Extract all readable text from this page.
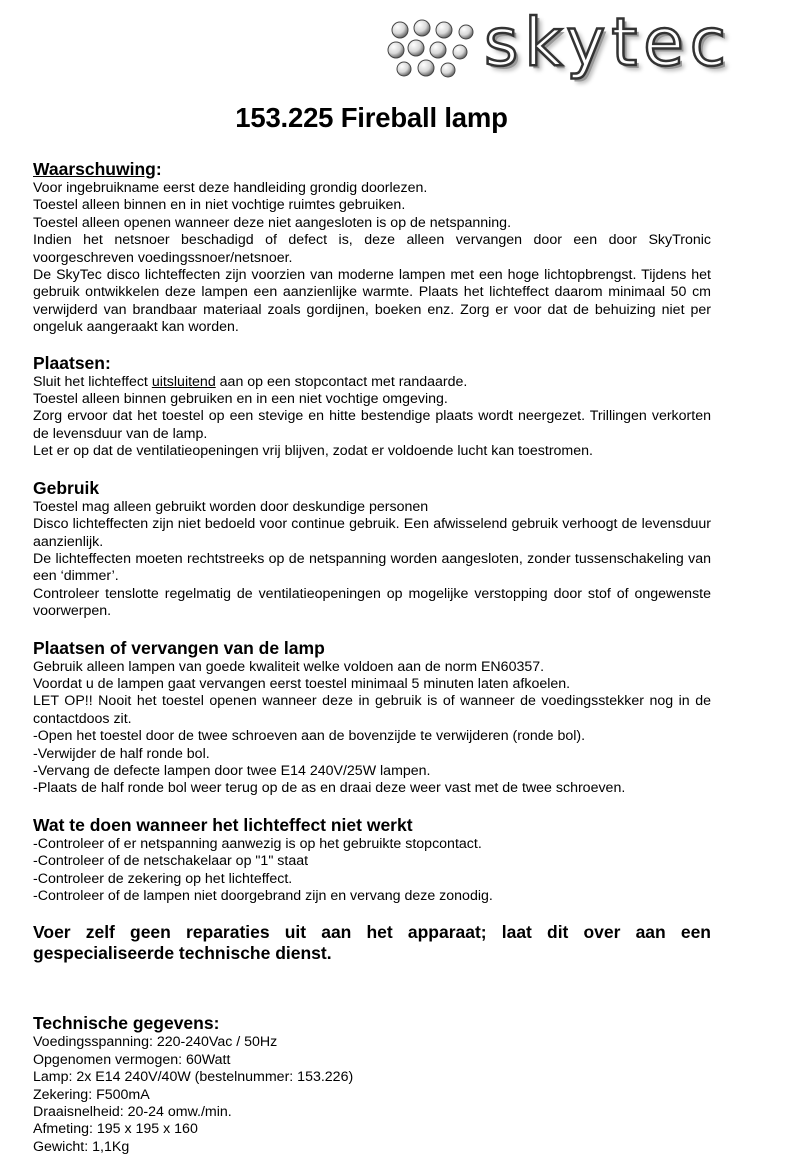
skytec
153.225 Fireball lamp
Waarschuwing:

Voor ingebruikname eerst deze handleiding grondig doorlezen.

Toestel alleen binnen en in niet vochtige ruimtes gebruiken.

Toestel alleen openen wanneer deze niet aangesloten is op de netspanning.

Indien het netsnoer beschadigd of defect is, deze alleen vervangen door een door SkyTronic voorgeschreven voedingssnoer/netsnoer.

De SkyTec disco lichteffecten zijn voorzien van moderne lampen met een hoge lichtopbrengst. Tijdens het gebruik ontwikkelen deze lampen een aanzienlijke warmte. Plaats het lichteffect daarom minimaal 50 cm verwijderd van brandbaar materiaal zoals gordijnen, boeken enz. Zorg er voor dat de behuizing niet per ongeluk aangeraakt kan worden.

Plaatsen:

Sluit het lichteffect uitsluitend aan op een stopcontact met randaarde.

Toestel alleen binnen gebruiken en in een niet vochtige omgeving.

Zorg ervoor dat het toestel op een stevige en hitte bestendige plaats wordt neergezet. Trillingen verkorten de levensduur van de lamp.

Let er op dat de ventilatieopeningen vrij blijven, zodat er voldoende lucht kan toestromen.

Gebruik

Toestel mag alleen gebruikt worden door deskundige personen

Disco lichteffecten zijn niet bedoeld voor continue gebruik. Een afwisselend gebruik verhoogt de levensduur aanzienlijk.

De lichteffecten moeten rechtstreeks op de netspanning worden aangesloten, zonder tussenschakeling van een ‘dimmer’.

Controleer tenslotte regelmatig de ventilatieopeningen op mogelijke verstopping door stof of ongewenste voorwerpen.

Plaatsen of vervangen van de lamp

Gebruik alleen lampen van goede kwaliteit welke voldoen aan de norm EN60357.

Voordat u de lampen gaat vervangen eerst toestel minimaal 5 minuten laten afkoelen.

LET OP!! Nooit het toestel openen wanneer deze in gebruik is of wanneer de voedingsstekker nog in de contactdoos zit.

-Open het toestel door de twee schroeven aan de bovenzijde te verwijderen (ronde bol).

-Verwijder de half ronde bol.

-Vervang de defecte lampen door twee E14 240V/25W lampen.

-Plaats de half ronde bol weer terug op de as en draai deze weer vast met de twee schroeven.

Wat te doen wanneer het lichteffect niet werkt

-Controleer of er netspanning aanwezig is op het gebruikte stopcontact.

-Controleer of de netschakelaar op "1" staat

-Controleer de zekering op het lichteffect.

-Controleer of de lampen niet doorgebrand zijn en vervang deze zonodig.

Voer zelf geen reparaties uit aan het apparaat; laat dit over aan een gespecialiseerde technische dienst.

Technische gegevens:

Voedingsspanning: 220-240Vac / 50Hz

Opgenomen vermogen: 60Watt

Lamp: 2x E14 240V/40W (bestelnummer: 153.226)

Zekering: F500mA

Draaisnelheid: 20-24 omw./min.

Afmeting: 195 x 195 x 160

Gewicht: 1,1Kg
